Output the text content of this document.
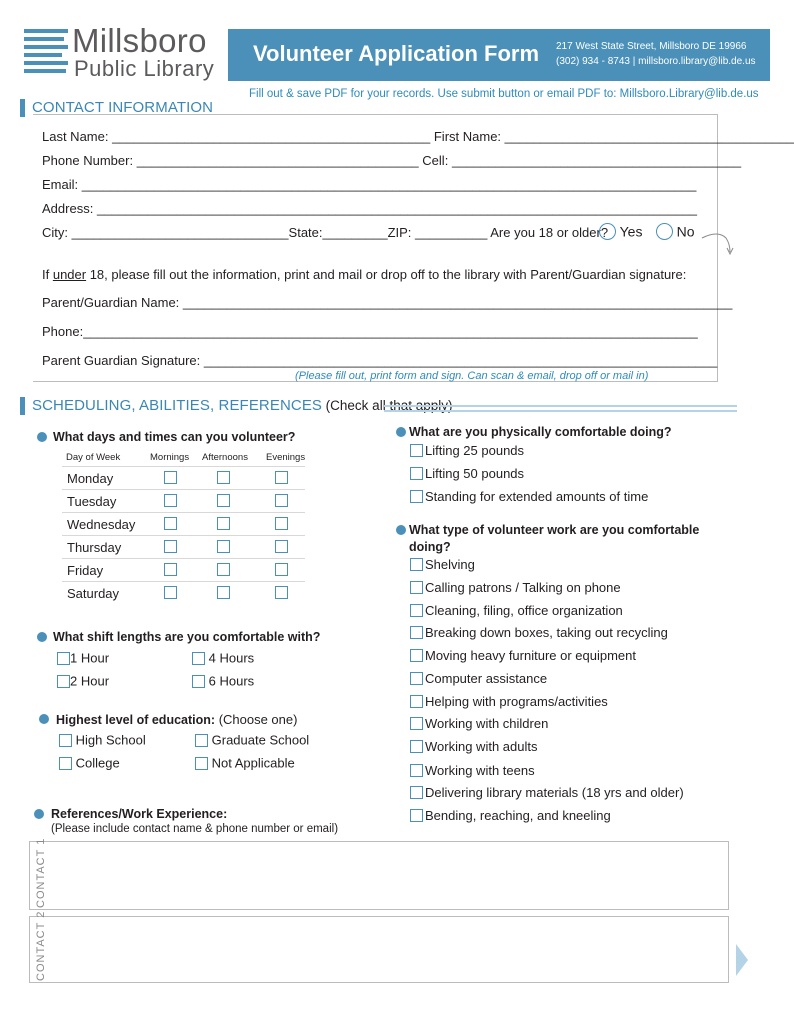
Millsboro
Public Library
Volunteer Application Form 217 West State Street, Millsboro DE 19966
(302) 934 - 8743 | millsboro.library@lib.de.us
Fill out & save PDF for your records. Use submit button or email PDF to: Millsboro.Library@lib.de.us
CONTACT INFORMATION
Last Name: ____________________________________________ First Name: ________________________________________
Phone Number: _______________________________________ Cell: ________________________________________
Email: _____________________________________________________________________________________
Address: ___________________________________________________________________________________
City: ______________________________State:_________ZIP: __________ Are you 18 or older? Yes	No
If under 18, please fill out the information, print and mail or drop off to the library with Parent/Guardian signature:
Parent/Guardian Name: ____________________________________________________________________________
Phone:_____________________________________________________________________________________
Parent Guardian Signature: _______________________________________________________________________
(Please fill out, print form and sign. Can scan & email, drop off or mail in)
SCHEDULING, ABILITIES, REFERENCES (Check all that apply)
What days and times can you volunteer?
Day of Week	Mornings Afternoons Evenings
Monday
Tuesday
Wednesday
Thursday
Friday
Saturday
What shift lengths are you comfortable with?
1 Hour	4 Hours
2 Hour	6 Hours
Highest level of education: (Choose one)
High School	Graduate School
College	Not Applicable
References/Work Experience:
(Please include contact name & phone number or email)
CONTACT 1
CONTACT 2
What are you physically comfortable doing?
Lifting 25 pounds
Lifting 50 pounds
Standing for extended amounts of time
What type of volunteer work are you comfortable
doing?
Shelving
Calling patrons / Talking on phone
Cleaning, filing, office organization
Breaking down boxes, taking out recycling
Moving heavy furniture or equipment
Computer assistance
Helping with programs/activities
Working with children
Working with adults
Working with teens
Delivering library materials (18 yrs and older)
Bending, reaching, and kneeling
